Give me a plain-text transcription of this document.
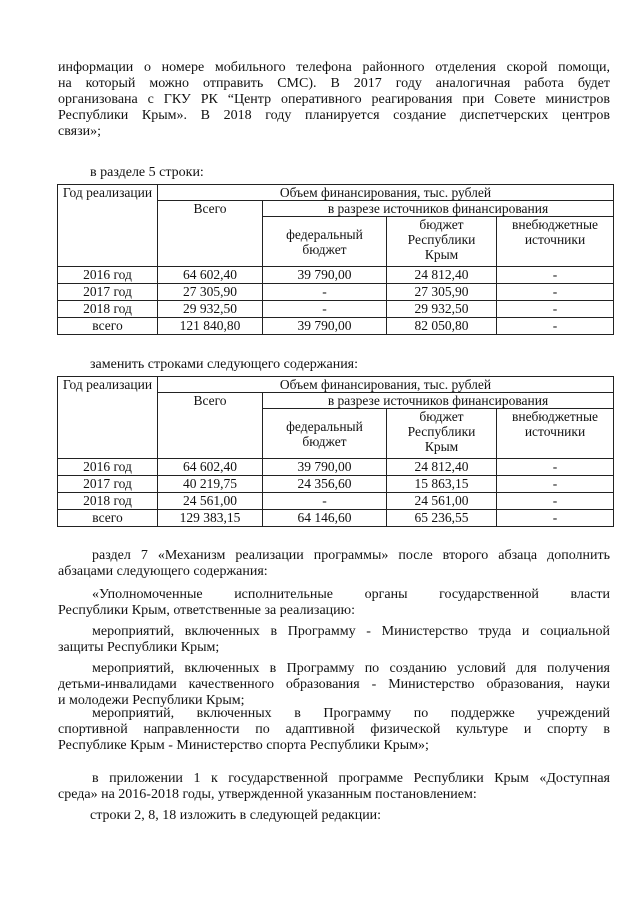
информации о номере мобильного телефона районного отделения скорой помощи,
на который можно отправить СМС). В 2017 году аналогичная работа будет
организована с ГКУ РК “Центр оперативного реагирования при Совете министров
Республики Крым». В 2018 году планируется создание диспетчерских центров
связи»;

в разделе 5 строки:

Год реализации	Объем финансирования, тыс. рублей			
	Всего	в разрезе источников финансирования		
		федеральный бюджет	бюджет Республики Крым	внебюджетные источники
2016 год	64 602,40	39 790,00	24 812,40	-
2017 год	27 305,90	-	27 305,90	-
2018 год	29 932,50	-	29 932,50	-
всего	121 840,80	39 790,00	82 050,80	-

заменить строками следующего содержания:

Год реализации	Объем финансирования, тыс. рублей			
	Всего	в разрезе источников финансирования		
		федеральный бюджет	бюджет Республики Крым	внебюджетные источники
2016 год	64 602,40	39 790,00	24 812,40	-
2017 год	40 219,75	24 356,60	15 863,15	-
2018 год	24 561,00	-	24 561,00	-
всего	129 383,15	64 146,60	65 236,55	-

раздел 7 «Механизм реализации программы» после второго абзаца дополнить
абзацами следующего содержания:

«Уполномоченные исполнительные органы государственной власти
Республики Крым, ответственные за реализацию:

мероприятий, включенных в Программу - Министерство труда и социальной
защиты Республики Крым;

мероприятий, включенных в Программу по созданию условий для получения
детьми-инвалидами качественного образования - Министерство образования, науки
и молодежи Республики Крым;

мероприятий, включенных в Программу по поддержке учреждений
спортивной направленности по адаптивной физической культуре и спорту в
Республике Крым - Министерство спорта Республики Крым»;

в приложении 1 к государственной программе Республики Крым «Доступная
среда» на 2016-2018 годы, утвержденной указанным постановлением:

строки 2, 8, 18 изложить в следующей редакции:
